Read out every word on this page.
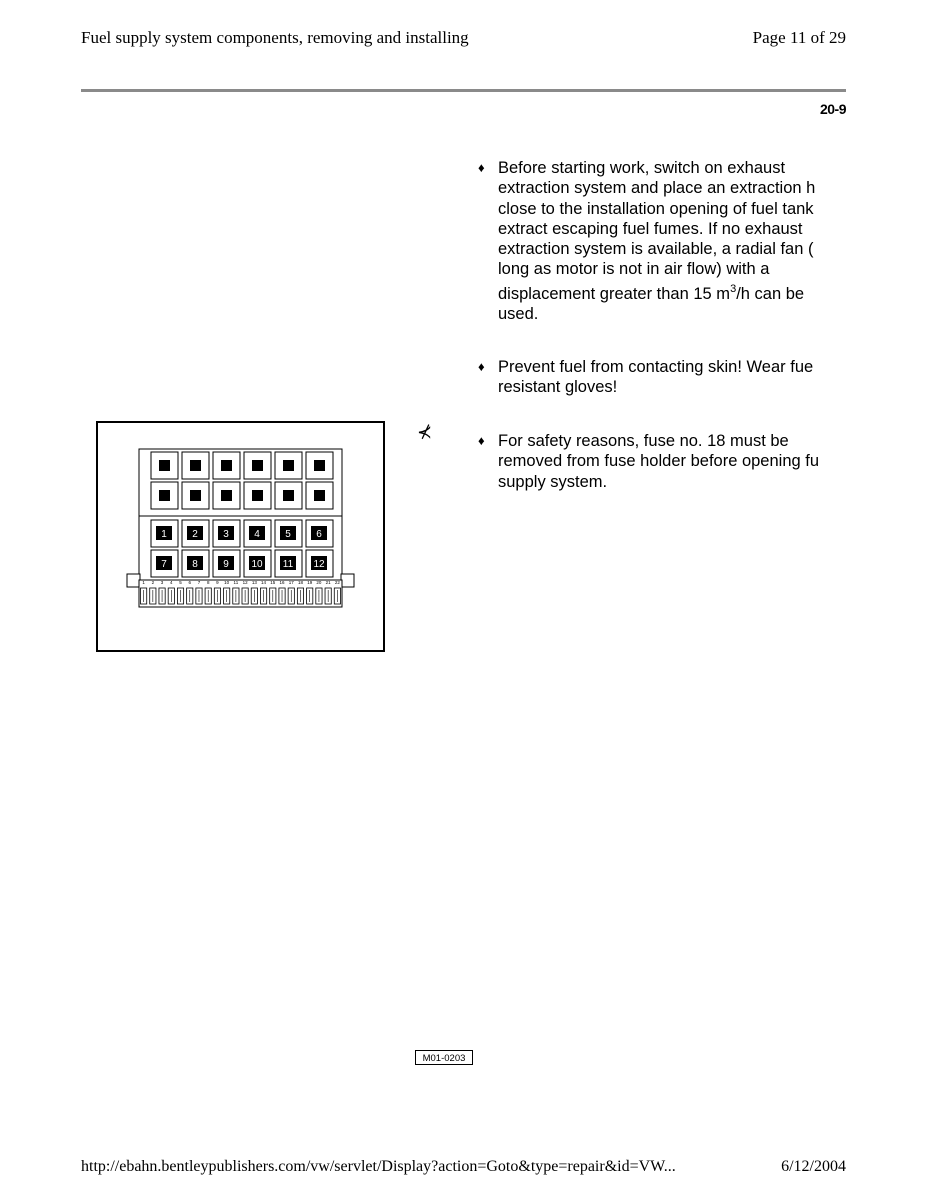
Fuel supply system components, removing and installing	Page 11 of 29
20-9
♦ Before starting work, switch on exhaust
extraction system and place an extraction h
close to the installation opening of fuel tank
extract escaping fuel fumes. If no exhaust
extraction system is available, a radial fan (
long as motor is not in air flow) with a
displacement greater than 15 $m^3/h$ can be
used.
♦ Prevent fuel from contacting skin! Wear fue
resistant gloves!
♦ For safety reasons, fuse no. 18 must be
removed from fuse holder before opening fu
supply system.
⊀
1	2	3	4	5	6
7	8	9 10 11 12
1 2 3 4 5 6 7 8 9 10 11 12 13 14 15 16 17 18 19 20 21 22
M01-0203
http://ebahn.bentleypublishers.com/vw/servlet/Display?action=Goto&type=repair&id=VW...	6/12/2004
